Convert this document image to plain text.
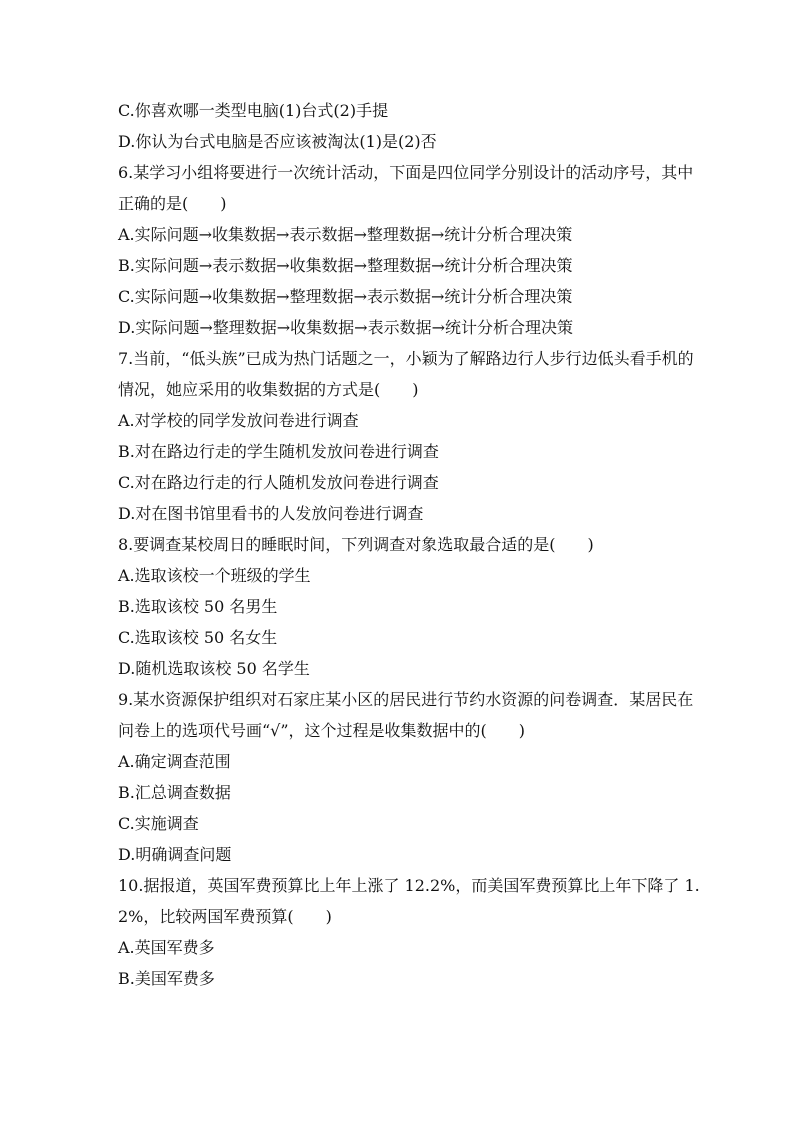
C.你喜欢哪一类型电脑(1)台式(2)手提
D.你认为台式电脑是否应该被淘汰(1)是(2)否
6.某学习小组将要进行一次统计活动，下面是四位同学分别设计的活动序号，其中正确的是(　　)
A.实际问题→收集数据→表示数据→整理数据→统计分析合理决策
B.实际问题→表示数据→收集数据→整理数据→统计分析合理决策
C.实际问题→收集数据→整理数据→表示数据→统计分析合理决策
D.实际问题→整理数据→收集数据→表示数据→统计分析合理决策
7.当前，“低头族”已成为热门话题之一，小颖为了解路边行人步行边低头看手机的情况，她应采用的收集数据的方式是(　　)
A.对学校的同学发放问卷进行调查
B.对在路边行走的学生随机发放问卷进行调查
C.对在路边行走的行人随机发放问卷进行调查
D.对在图书馆里看书的人发放问卷进行调查
8.要调查某校周日的睡眠时间，下列调查对象选取最合适的是(　　)
A.选取该校一个班级的学生
B.选取该校 50 名男生
C.选取该校 50 名女生
D.随机选取该校 50 名学生
9.某水资源保护组织对石家庄某小区的居民进行节约水资源的问卷调查．某居民在问卷上的选项代号画“√”，这个过程是收集数据中的(　　)
A.确定调查范围
B.汇总调查数据
C.实施调查
D.明确调查问题
10.据报道，英国军费预算比上年上涨了 12.2%，而美国军费预算比上年下降了 1.2%，比较两国军费预算(　　)
A.英国军费多
B.美国军费多
